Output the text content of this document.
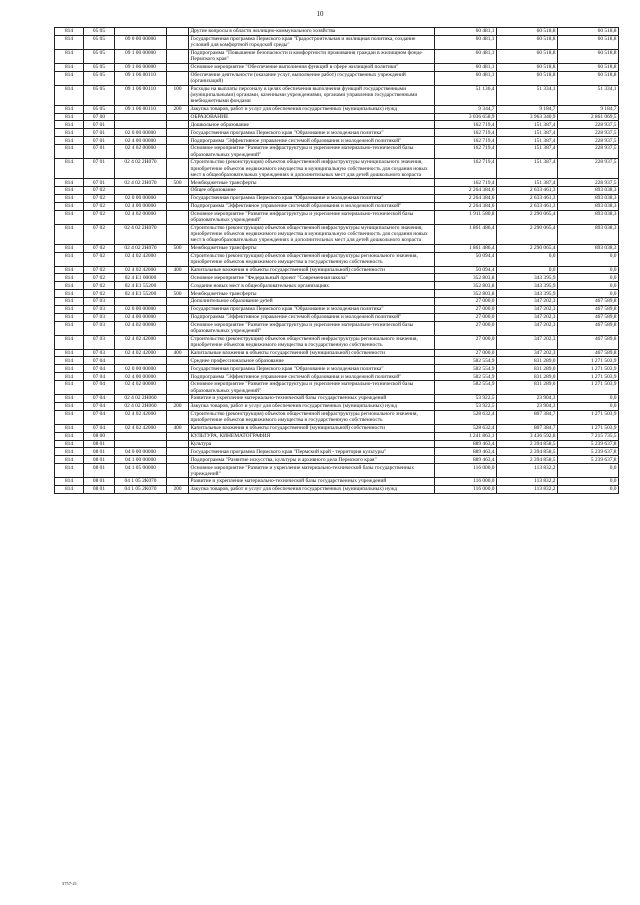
10
814	05 05			Другие вопросы в области жилищно-коммунального хозяйства	60 481,1	60 518,8	60 518,8
814	05 05	09 0 00 00000		Государственная программа Пермского края "Градостроительная и жилищная политика, создание условий для комфортной городской среды"	60 481,1	60 518,8	60 518,8
814	05 05	09 1 00 00000		Подпрограмма "Повышение безопасности и комфортности проживания граждан в жилищном фонде Пермского края"	60 481,1	60 518,8	60 518,8
814	05 05	09 1 06 00000		Основное мероприятие "Обеспечение выполнения функций в сфере жилищной политики"	60 481,1	60 518,8	60 518,8
814	05 05	09 1 06 00110		Обеспечение деятельности (оказание услуг, выполнение работ) государственных учреждений (организаций)	60 481,1	60 518,8	60 518,8
814	05 05	09 1 06 00110	100	Расходы на выплаты персоналу в целях обеспечения выполнения функций государственными (муниципальными) органами, казенными учреждениями, органами управления государственными внебюджетными фондами	51 136,4	51 334,1	51 334,1
814	05 05	09 1 06 00110	200	Закупка товаров, работ и услуг для обеспечения государственных (муниципальных) нужд	9 344,7	9 184,7	9 184,7
814	07 00			ОБРАЗОВАНИЕ	3 036 658,9	3 963 340,9	2 861 069,5
814	07 01			Дошкольное образование	162 719,4	151 387,4	228 937,5
814	07 01	02 0 00 00000		Государственная программа Пермского края "Образование и молодежная политика"	162 719,4	151 387,4	228 937,5
814	07 01	02 4 00 00000		Подпрограмма "Эффективное управление системой образования и молодежной политикой"	162 719,4	151 387,4	228 937,5
814	07 01	02 4 02 00000		Основное мероприятие "Развитие инфраструктуры и укрепление материально-технической базы образовательных учреждений"	162 719,4	151 387,4	228 937,5
814	07 01	02 4 02 2Н070		Строительство (реконструкция) объектов общественной инфраструктуры муниципального значения, приобретение объектов недвижимого имущества в муниципальную собственность для создания новых мест в общеобразовательных учреждениях и дополнительных мест для детей дошкольного возраста	162 719,4	151 387,4	228 937,5
814	07 01	02 4 02 2Н070	500	Межбюджетные трансферты	162 719,4	151 387,4	228 937,5
814	07 02			Общее образование	2 264 384,6	2 633 461,3	893 038,3
814	07 02	02 0 00 00000		Государственная программа Пермского края "Образование и молодежная политика"	2 264 384,6	2 633 461,3	893 038,3
814	07 02	02 4 00 00000		Подпрограмма "Эффективное управление системой образования и молодежной политикой"	2 264 384,6	2 633 461,3	893 038,3
814	07 02	02 4 02 00000		Основное мероприятие "Развитие инфраструктуры и укрепление материально-технической базы образовательных учреждений"	1 911 580,8	2 290 065,4	893 038,3
814	07 02	02 4 02 2Н070		Строительство (реконструкция) объектов общественной инфраструктуры муниципального значения, приобретение объектов недвижимого имущества в муниципальную собственность для создания новых мест в общеобразовательных учреждениях и дополнительных мест для детей дошкольного возраста	1 861 486,4	2 290 065,4	893 038,3
814	07 02	02 4 02 2Н070	500	Межбюджетные трансферты	1 861 486,4	2 290 065,4	893 038,3
814	07 02	02 4 02 42000		Строительство (реконструкция) объектов общественной инфраструктуры регионального значения, приобретение объектов недвижимого имущества в государственную собственность	50 094,4	0,0	0,0
814	07 02	02 4 02 42000	400	Капитальные вложения в объекты государственной (муниципальной) собственности	50 094,4	0,0	0,0
814	07 02	02 4 E1 00000		Основное мероприятие "Федеральный проект "Современная школа"	352 803,8	343 395,9	0,0
814	07 02	02 4 E1 55200		Создание новых мест в общеобразовательных организациях	352 803,8	343 395,9	0,0
814	07 02	02 4 E1 55200	500	Межбюджетные трансферты	352 803,8	343 395,9	0,0
814	07 03			Дополнительное образование детей	27 000,0	347 202,3	467 589,8
814	07 03	02 0 00 00000		Государственная программа Пермского края "Образование и молодежная политика"	27 000,0	347 202,3	467 589,8
814	07 03	02 4 00 00000		Подпрограмма "Эффективное управление системой образования и молодежной политикой"	27 000,0	347 202,3	467 589,8
814	07 03	02 4 02 00000		Основное мероприятие "Развитие инфраструктуры и укрепление материально-технической базы образовательных учреждений"	27 000,0	347 202,3	467 589,8
814	07 03	02 4 02 42000		Строительство (реконструкция) объектов общественной инфраструктуры регионального значения, приобретение объектов недвижимого имущества в государственную собственность	27 000,0	347 202,3	467 589,8
814	07 03	02 4 02 42000	400	Капитальные вложения в объекты государственной (муниципальной) собственности	27 000,0	347 202,3	467 589,8
814	07 04			Среднее профессиональное образование	582 554,9	831 289,0	1 271 503,9
814	07 04	02 0 00 00000		Государственная программа Пермского края "Образование и молодежная политика"	582 554,9	831 289,0	1 271 503,9
814	07 04	02 4 00 00000		Подпрограмма "Эффективное управление системой образования и молодежной политикой"	582 554,9	831 289,0	1 271 503,9
814	07 04	02 4 02 00000		Основное мероприятие "Развитие инфраструктуры и укрепление материально-технической базы образовательных учреждений"	582 554,9	831 289,0	1 271 503,9
814	07 04	02 4 02 2Н060		Развитие и укрепление материально-технической базы государственных учреждений	53 922,5	23 904,3	0,0
814	07 04	02 4 02 2Н060	200	Закупка товаров, работ и услуг для обеспечения государственных (муниципальных) нужд	53 922,5	23 904,3	0,0
814	07 04	02 4 02 42000		Строительство (реконструкция) объектов общественной инфраструктуры регионального значения, приобретение объектов недвижимого имущества в государственную собственность	528 632,4	807 384,7	1 271 503,9
814	07 04	02 4 02 42000	400	Капитальные вложения в объекты государственной (муниципальной) собственности	528 632,4	807 384,7	1 271 503,9
814	08 00			КУЛЬТУРА, КИНЕМАТОГРАФИЯ	1 241 863,1	3 436 592,8	7 215 735,5
814	08 01			Культура	889 463,4	2 394 858,5	5 239 637,8
814	08 01	04 0 00 00000		Государственная программа Пермского края "Пермский край - территория культуры"	889 463,4	2 394 858,5	5 239 637,8
814	08 01	04 1 00 00000		Подпрограмма "Развитие искусства, культуры и архивного дела Пермского края"	889 463,4	2 394 858,5	5 239 637,8
814	08 01	04 1 05 00000		Основное мероприятие "Развитие и укрепление материально-технической базы государственных учреждений"	116 000,0	113 832,2	0,0
814	08 01	04 1 05 2К070		Развитие и укрепление материально-технической базы государственных учреждений	116 000,0	113 832,2	0,0
814	08 01	04 1 05 2К070	200	Закупка товаров, работ и услуг для обеспечения государственных (муниципальных) нужд	116 000,0	113 832,2	0,0
3757-21
